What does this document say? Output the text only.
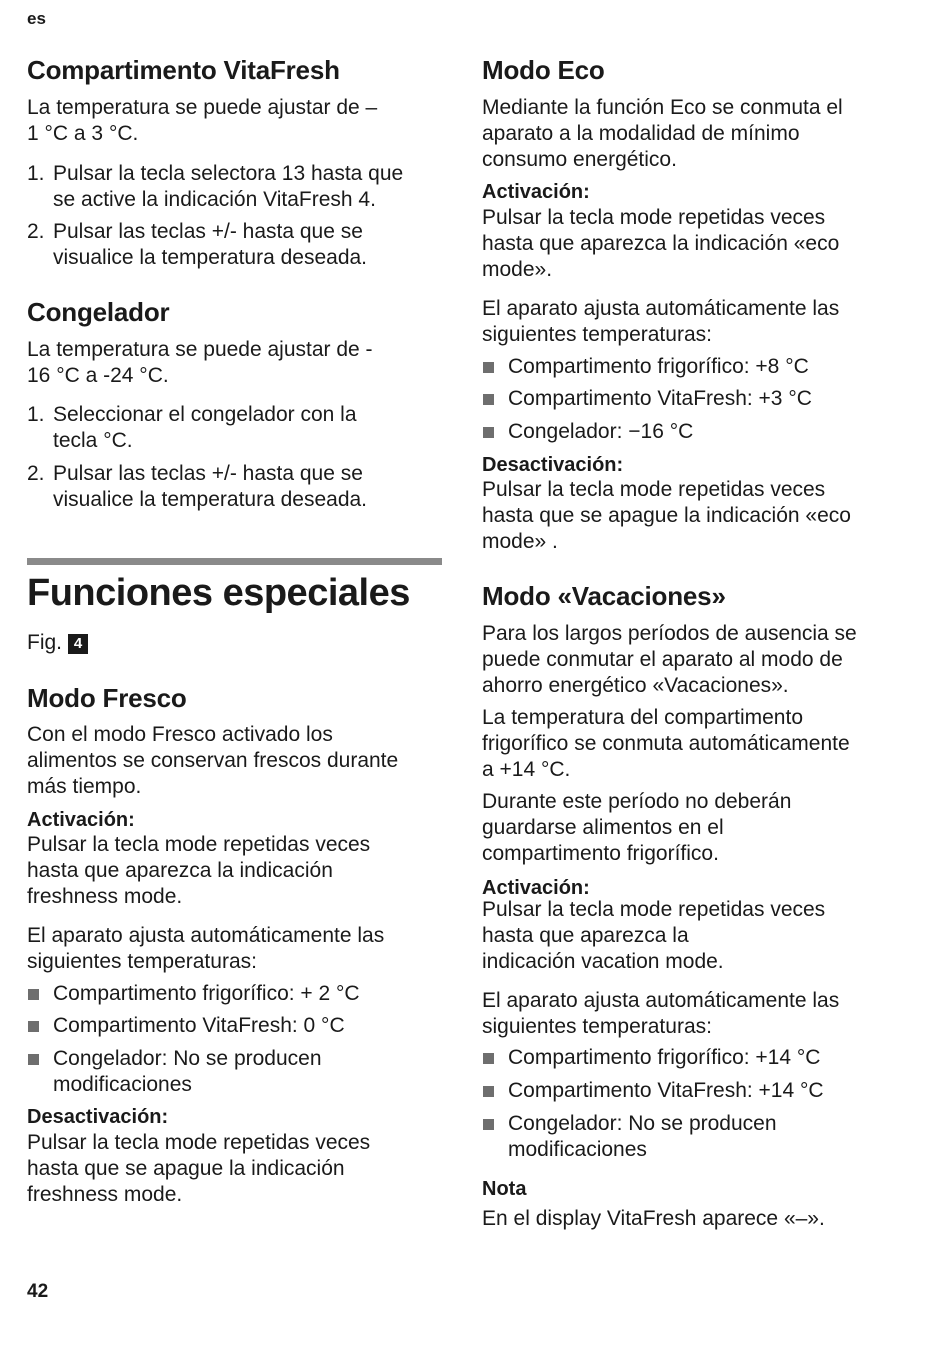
es
Compartimento VitaFresh
La temperatura se puede ajustar de –
1 °C a 3 °C.
1. Pulsar la tecla selectora 13 hasta que
se active la indicación VitaFresh 4.
2. Pulsar las teclas +/- hasta que se
visualice la temperatura deseada.
Congelador
La temperatura se puede ajustar de -
16 °C a -24 °C.
1. Seleccionar el congelador con la
tecla °C.
2. Pulsar las teclas +/- hasta que se
visualice la temperatura deseada.
Funciones especiales
Fig. 4
Modo Fresco
Con el modo Fresco activado los
alimentos se conservan frescos durante
más tiempo.
Activación:
Pulsar la tecla mode repetidas veces
hasta que aparezca la indicación
freshness mode.
El aparato ajusta automáticamente las
siguientes temperaturas:
Compartimento frigorífico: + 2 °C
Compartimento VitaFresh: 0 °C
Congelador: No se producen
modificaciones
Desactivación:
Pulsar la tecla mode repetidas veces
hasta que se apague la indicación
freshness mode.
Modo Eco
Mediante la función Eco se conmuta el
aparato a la modalidad de mínimo
consumo energético.
Activación:
Pulsar la tecla mode repetidas veces
hasta que aparezca la indicación «eco
mode».
El aparato ajusta automáticamente las
siguientes temperaturas:
Compartimento frigorífico: +8 °C
Compartimento VitaFresh: +3 °C
Congelador: −16 °C
Desactivación:
Pulsar la tecla mode repetidas veces
hasta que se apague la indicación «eco
mode» .
Modo «Vacaciones»
Para los largos períodos de ausencia se
puede conmutar el aparato al modo de
ahorro energético «Vacaciones».
La temperatura del compartimento
frigorífico se conmuta automáticamente
a +14 °C.
Durante este período no deberán
guardarse alimentos en el
compartimento frigorífico.
Activación:
Pulsar la tecla mode repetidas veces
hasta que aparezca la
indicación vacation mode.
El aparato ajusta automáticamente las
siguientes temperaturas:
Compartimento frigorífico: +14 °C
Compartimento VitaFresh: +14 °C
Congelador: No se producen
modificaciones
Nota
En el display VitaFresh aparece «–».
42
